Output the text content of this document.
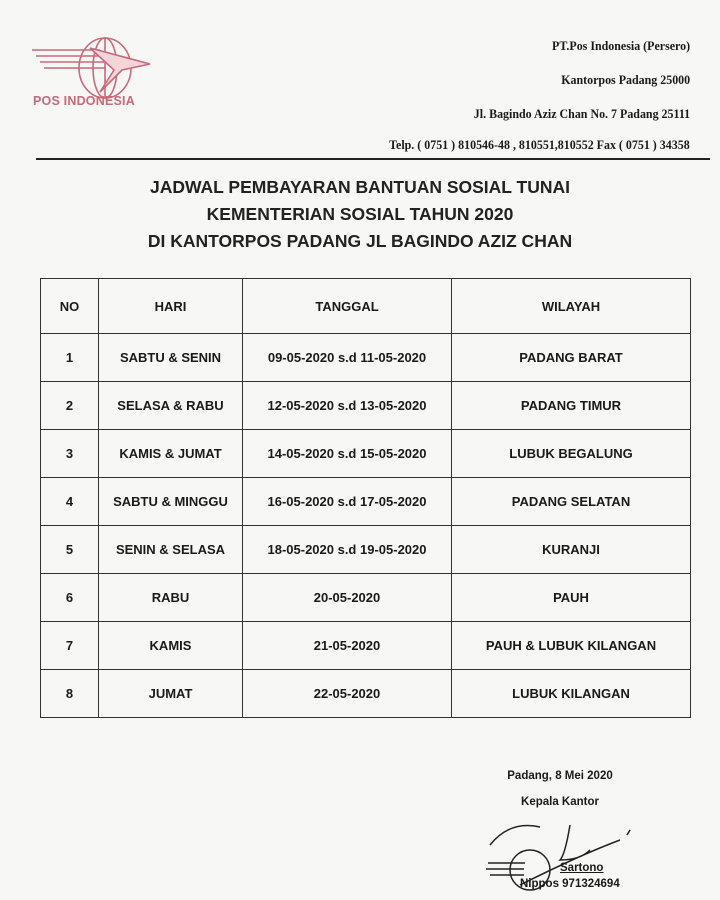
POS INDONESIA
PT.Pos Indonesia (Persero)
Kantorpos Padang 25000
Jl. Bagindo Aziz Chan No. 7 Padang 25111
Telp. ( 0751 ) 810546-48 , 810551,810552 Fax ( 0751 ) 34358
JADWAL PEMBAYARAN BANTUAN SOSIAL TUNAI
KEMENTERIAN SOSIAL TAHUN 2020
DI KANTORPOS PADANG JL BAGINDO AZIZ CHAN
NO	HARI	TANGGAL	WILAYAH
1	SABTU & SENIN	09-05-2020 s.d 11-05-2020	PADANG BARAT
2	SELASA & RABU	12-05-2020 s.d 13-05-2020	PADANG TIMUR
3	KAMIS & JUMAT	14-05-2020 s.d 15-05-2020	LUBUK BEGALUNG
4	SABTU & MINGGU	16-05-2020 s.d 17-05-2020	PADANG SELATAN
5	SENIN & SELASA	18-05-2020 s.d 19-05-2020	KURANJI
6	RABU	20-05-2020	PAUH
7	KAMIS	21-05-2020	PAUH & LUBUK KILANGAN
8	JUMAT	22-05-2020	LUBUK KILANGAN
Padang, 8 Mei 2020
Kepala Kantor
Sartono
Nippos 971324694
